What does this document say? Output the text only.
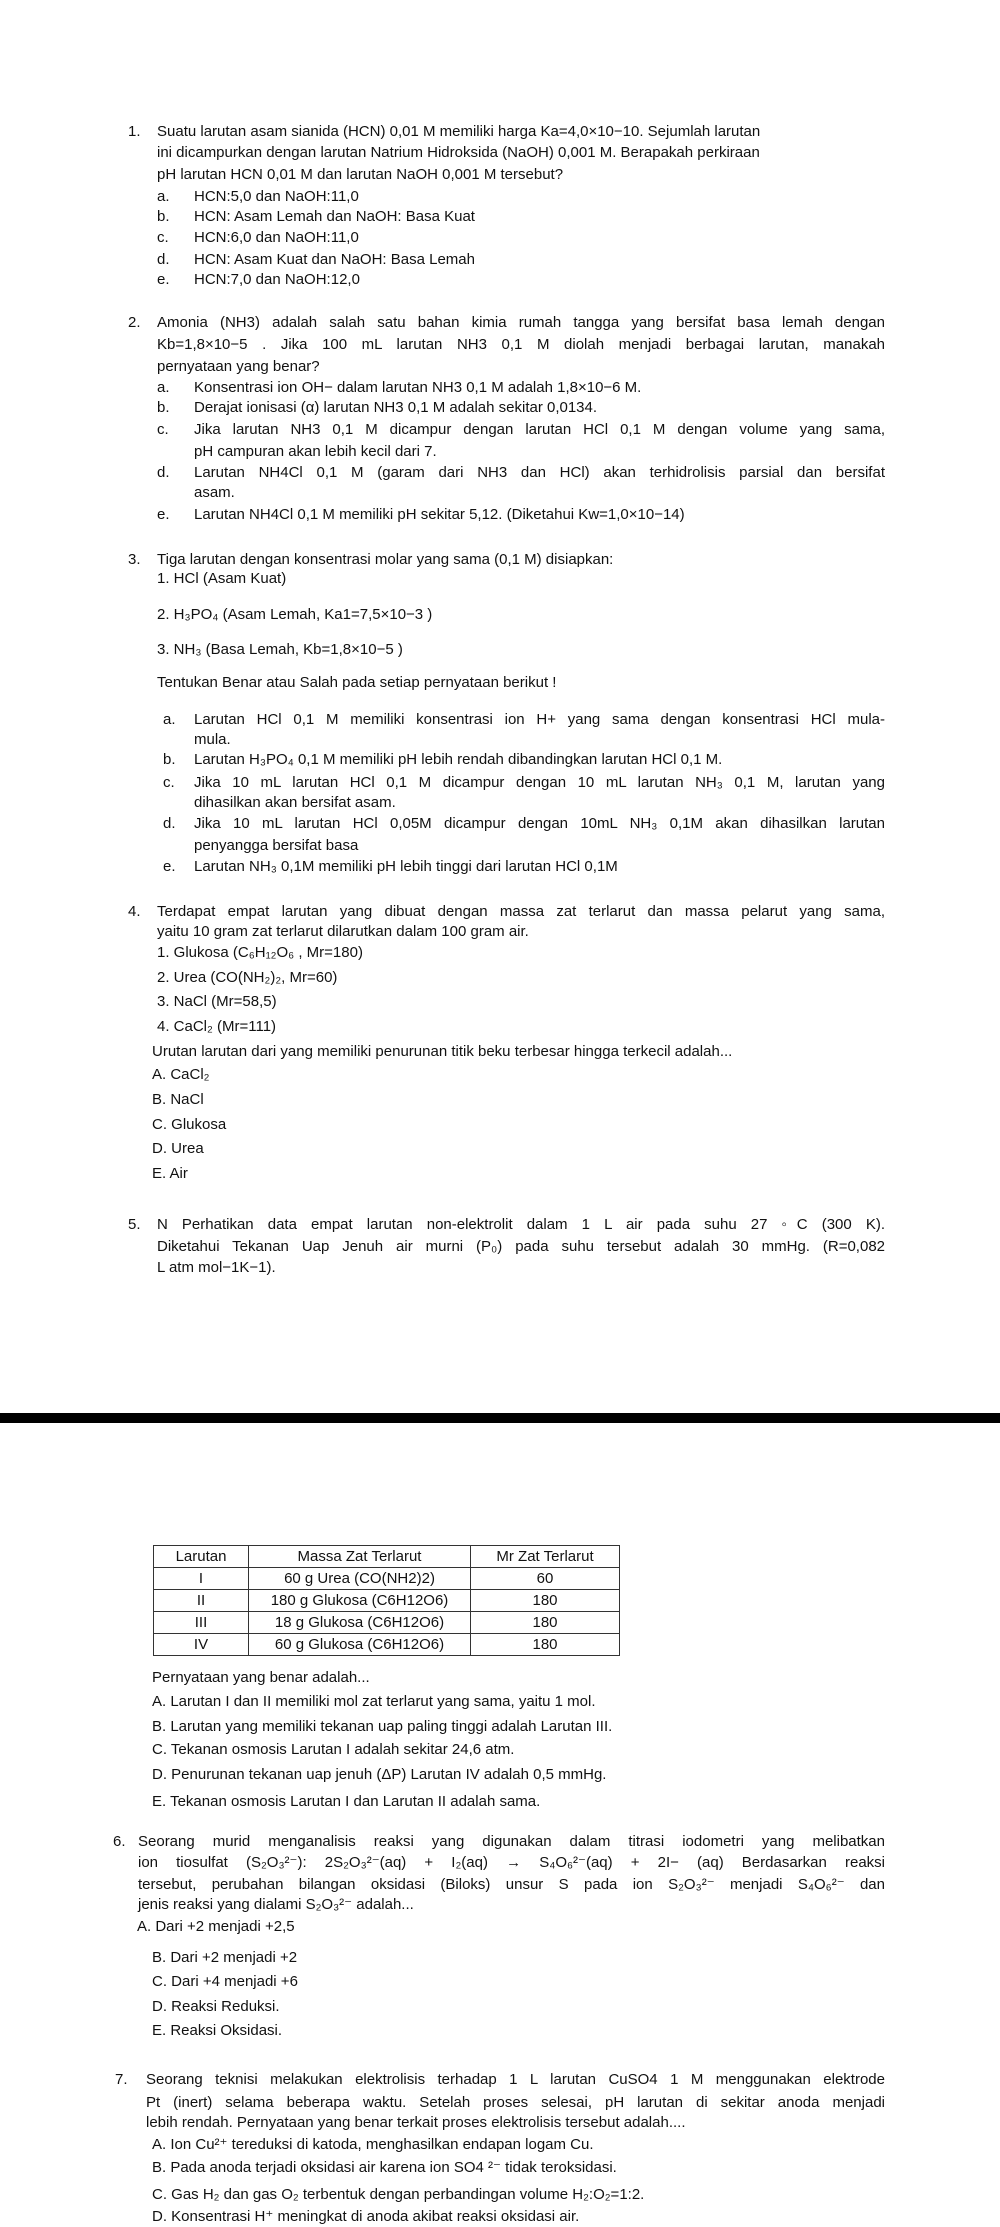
1. Suatu larutan asam sianida (HCN) 0,01 M memiliki harga Ka=4,0×10−10. Sejumlah larutan
ini dicampurkan dengan larutan Natrium Hidroksida (NaOH) 0,001 M. Berapakah perkiraan
pH larutan HCN 0,01 M dan larutan NaOH 0,001 M tersebut?
a. HCN:5,0 dan NaOH:11,0
b. HCN: Asam Lemah dan NaOH: Basa Kuat
c. HCN:6,0 dan NaOH:11,0
d. HCN: Asam Kuat dan NaOH: Basa Lemah
e. HCN:7,0 dan NaOH:12,0
2. Amonia (NH3) adalah salah satu bahan kimia rumah tangga yang bersifat basa lemah dengan
Kb=1,8×10−5 . Jika 100 mL larutan NH3 0,1 M diolah menjadi berbagai larutan, manakah
pernyataan yang benar?
a. Konsentrasi ion OH− dalam larutan NH3 0,1 M adalah 1,8×10−6 M.
b. Derajat ionisasi (α) larutan NH3 0,1 M adalah sekitar 0,0134.
c. Jika larutan NH3 0,1 M dicampur dengan larutan HCl 0,1 M dengan volume yang sama,
pH campuran akan lebih kecil dari 7.
d. Larutan NH4Cl 0,1 M (garam dari NH3 dan HCl) akan terhidrolisis parsial dan bersifat
asam.
e. Larutan NH4Cl 0,1 M memiliki pH sekitar 5,12. (Diketahui Kw=1,0×10−14)
3. Tiga larutan dengan konsentrasi molar yang sama (0,1 M) disiapkan:
1. HCl (Asam Kuat)
2. H₃PO₄ (Asam Lemah, Ka1=7,5×10−3 )
3. NH₃ (Basa Lemah, Kb=1,8×10−5 )
Tentukan Benar atau Salah pada setiap pernyataan berikut !
a. Larutan HCl 0,1 M memiliki konsentrasi ion H+ yang sama dengan konsentrasi HCl mula-
mula.
b. Larutan H₃PO₄ 0,1 M memiliki pH lebih rendah dibandingkan larutan HCl 0,1 M.
c. Jika 10 mL larutan HCl 0,1 M dicampur dengan 10 mL larutan NH₃ 0,1 M, larutan yang
dihasilkan akan bersifat asam.
d. Jika 10 mL larutan HCl 0,05M dicampur dengan 10mL NH₃ 0,1M akan dihasilkan larutan
penyangga bersifat basa
e. Larutan NH₃ 0,1M memiliki pH lebih tinggi dari larutan HCl 0,1M
4. Terdapat empat larutan yang dibuat dengan massa zat terlarut dan massa pelarut yang sama,
yaitu 10 gram zat terlarut dilarutkan dalam 100 gram air.
1. Glukosa (C₆H₁₂O₆ , Mr=180)
2. Urea (CO(NH₂)₂, Mr=60)
3. NaCl (Mr=58,5)
4. CaCl₂ (Mr=111)
Urutan larutan dari yang memiliki penurunan titik beku terbesar hingga terkecil adalah...
A. CaCl₂
B. NaCl
C. Glukosa
D. Urea
E. Air
5. N Perhatikan data empat larutan non-elektrolit dalam 1 L air pada suhu 27 ◦C (300 K).
Diketahui Tekanan Uap Jenuh air murni (P₀) pada suhu tersebut adalah 30 mmHg. (R=0,082
L atm mol−1K−1).
Larutan	Massa Zat Terlarut	Mr Zat Terlarut
I	60 g Urea (CO(NH2)2)	60
II	180 g Glukosa (C6H12O6)	180
III	18 g Glukosa (C6H12O6)	180
IV	60 g Glukosa (C6H12O6)	180
Pernyataan yang benar adalah...
A. Larutan I dan II memiliki mol zat terlarut yang sama, yaitu 1 mol.
B. Larutan yang memiliki tekanan uap paling tinggi adalah Larutan III.
C. Tekanan osmosis Larutan I adalah sekitar 24,6 atm.
D. Penurunan tekanan uap jenuh (ΔP) Larutan IV adalah 0,5 mmHg.
E. Tekanan osmosis Larutan I dan Larutan II adalah sama.
6. Seorang murid menganalisis reaksi yang digunakan dalam titrasi iodometri yang melibatkan
ion tiosulfat (S₂O₃²⁻): 2S₂O₃²⁻(aq) + I₂(aq) → S₄O₆²⁻(aq) + 2I− (aq) Berdasarkan reaksi
tersebut, perubahan bilangan oksidasi (Biloks) unsur S pada ion S₂O₃²⁻ menjadi S₄O₆²⁻ dan
jenis reaksi yang dialami S₂O₃²⁻ adalah...
A. Dari +2 menjadi +2,5
B. Dari +2 menjadi +2
C. Dari +4 menjadi +6
D. Reaksi Reduksi.
E. Reaksi Oksidasi.
7. Seorang teknisi melakukan elektrolisis terhadap 1 L larutan CuSO4 1 M menggunakan elektrode
Pt (inert) selama beberapa waktu. Setelah proses selesai, pH larutan di sekitar anoda menjadi
lebih rendah. Pernyataan yang benar terkait proses elektrolisis tersebut adalah....
A. Ion Cu²⁺ tereduksi di katoda, menghasilkan endapan logam Cu.
B. Pada anoda terjadi oksidasi air karena ion SO4 ²⁻ tidak teroksidasi.
C. Gas H₂ dan gas O₂ terbentuk dengan perbandingan volume H₂:O₂=1:2.
D. Konsentrasi H⁺ meningkat di anoda akibat reaksi oksidasi air.
